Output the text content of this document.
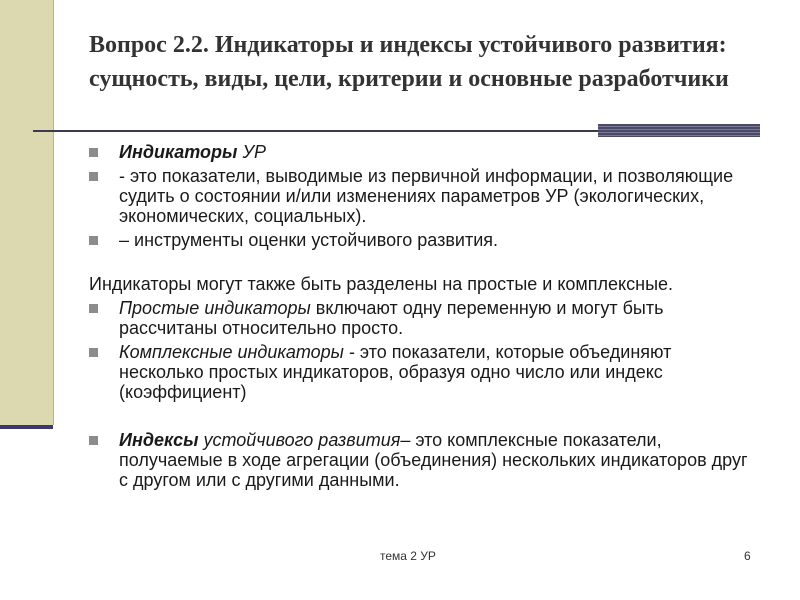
Вопрос 2.2. Индикаторы и индексы устойчивого развития: сущность, виды, цели, критерии и основные разработчики
Индикаторы УР
- это показатели, выводимые из первичной информации, и позволяющие судить о состоянии и/или изменениях параметров УР (экологических, экономических, социальных).
– инструменты оценки устойчивого развития.
Индикаторы могут также быть разделены на простые и комплексные.
Простые индикаторы включают одну переменную и могут быть рассчитаны относительно просто.
Комплексные индикаторы - это показатели, которые объединяют несколько простых индикаторов, образуя одно число или индекс (коэффициент)
Индексы устойчивого развития– это комплексные показатели, получаемые в ходе агрегации (объединения) нескольких индикаторов друг с другом или с другими данными.
тема 2 УР	6
